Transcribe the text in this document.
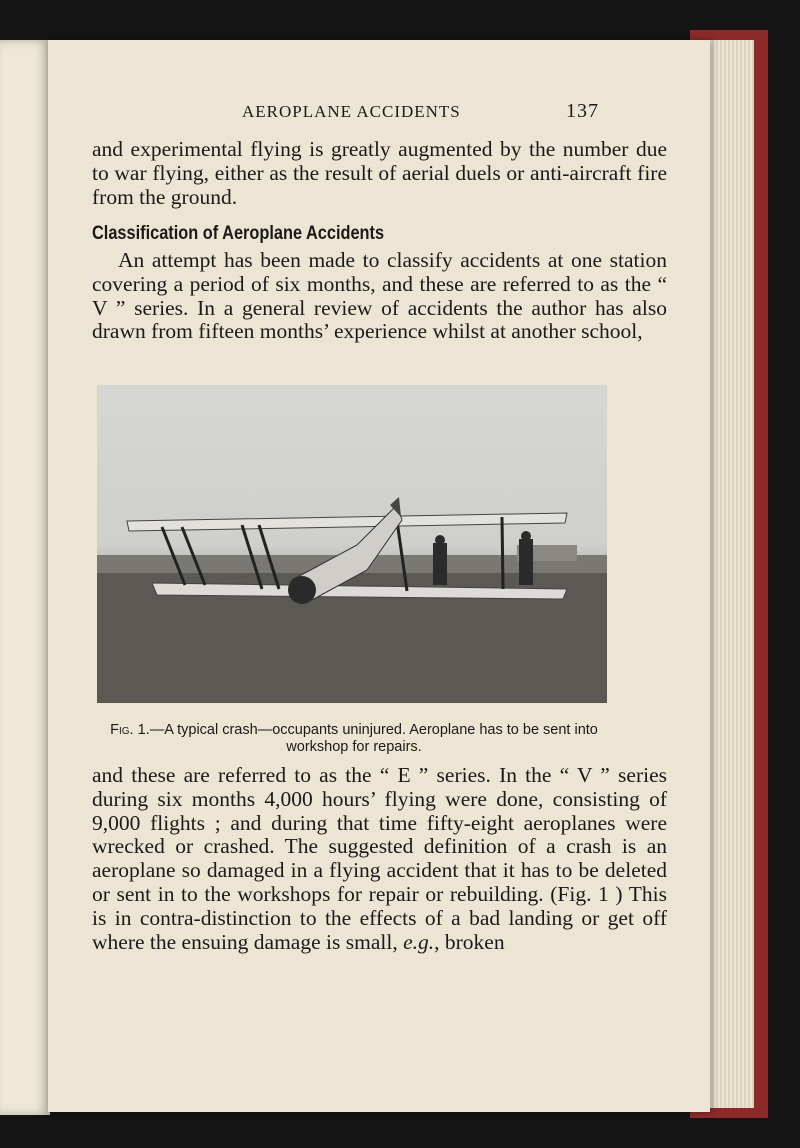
AEROPLANE ACCIDENTS	137

and experimental flying is greatly augmented by the number due to war flying, either as the result of aerial duels or anti-aircraft fire from the ground.

Classification of Aeroplane Accidents

An attempt has been made to classify accidents at one station covering a period of six months, and these are referred to as the “ V ” series. In a general review of accidents the author has also drawn from fifteen months’ experience whilst at another school,

Fig. 1.—A typical crash—occupants uninjured. Aeroplane has to be sent into workshop for repairs.

and these are referred to as the “ E ” series. In the “ V ” series during six months 4,000 hours’ flying were done, consisting of 9,000 flights ; and during that time fifty-eight aeroplanes were wrecked or crashed. The suggested definition of a crash is an aeroplane so damaged in a flying accident that it has to be deleted or sent in to the workshops for repair or rebuilding. (Fig. 1 ) This is in contra-distinction to the effects of a bad landing or get off where the ensuing damage is small, e.g., broken
